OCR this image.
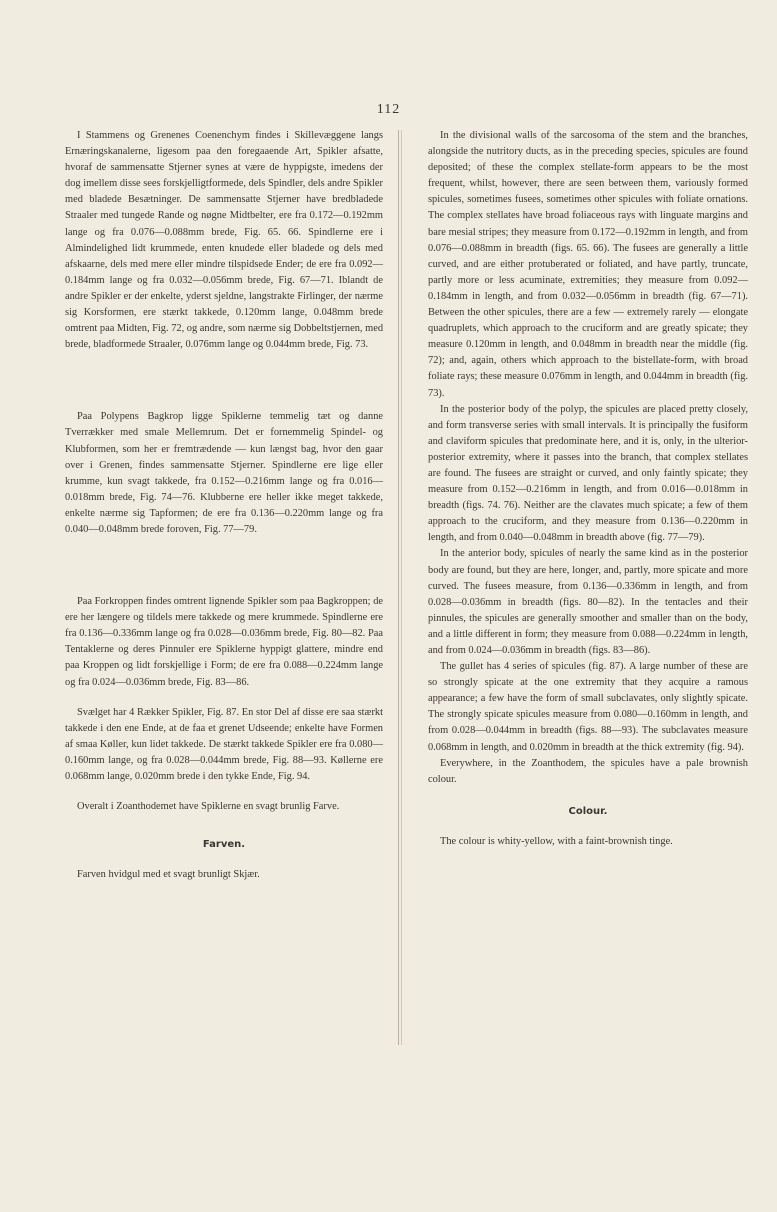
112

I Stammens og Grenenes Coenenchym findes i Skillevæggene langs Ernæringskanalerne, ligesom paa den foregaaende Art, Spikler afsatte, hvoraf de sammensatte Stjerner synes at være de hyppigste, imedens der dog imellem disse sees forskjelligtformede, dels Spindler, dels andre Spikler med bladede Besætninger. De sammensatte Stjerner have bredbladede Straaler med tungede Rande og nøgne Midtbelter, ere fra 0.172—0.192mm lange og fra 0.076—0.088mm brede, Fig. 65. 66. Spindlerne ere i Almindelighed lidt krummede, enten knudede eller bladede og dels med afskaarne, dels med mere eller mindre tilspidsede Ender; de ere fra 0.092—0.184mm lange og fra 0.032—0.056mm brede, Fig. 67—71. Iblandt de andre Spikler er der enkelte, yderst sjeldne, langstrakte Firlinger, der nærme sig Korsformen, ere stærkt takkede, 0.120mm lange, 0.048mm brede omtrent paa Midten, Fig. 72, og andre, som nærme sig Dobbeltstjernen, med brede, bladformede Straaler, 0.076mm lange og 0.044mm brede, Fig. 73.

Paa Polypens Bagkrop ligge Spiklerne temmelig tæt og danne Tverrækker med smale Mellemrum. Det er fornemmelig Spindel- og Klubformen, som her er fremtrædende — kun længst bag, hvor den gaar over i Grenen, findes sammensatte Stjerner. Spindlerne ere lige eller krumme, kun svagt takkede, fra 0.152—0.216mm lange og fra 0.016—0.018mm brede, Fig. 74—76. Klubberne ere heller ikke meget takkede, enkelte nærme sig Tapformen; de ere fra 0.136—0.220mm lange og fra 0.040—0.048mm brede foroven, Fig. 77—79.

Paa Forkroppen findes omtrent lignende Spikler som paa Bagkroppen; de ere her længere og tildels mere takkede og mere krummede. Spindlerne ere fra 0.136—0.336mm lange og fra 0.028—0.036mm brede, Fig. 80—82. Paa Tentaklerne og deres Pinnuler ere Spiklerne hyppigt glattere, mindre end paa Kroppen og lidt forskjellige i Form; de ere fra 0.088—0.224mm lange og fra 0.024—0.036mm brede, Fig. 83—86.

Svælget har 4 Rækker Spikler, Fig. 87. En stor Del af disse ere saa stærkt takkede i den ene Ende, at de faa et grenet Udseende; enkelte have Formen af smaa Køller, kun lidet takkede. De stærkt takkede Spikler ere fra 0.080—0.160mm lange, og fra 0.028—0.044mm brede, Fig. 88—93. Køllerne ere 0.068mm lange, 0.020mm brede i den tykke Ende, Fig. 94.

Overalt i Zoanthodemet have Spiklerne en svagt brunlig Farve.

Farven.

Farven hvidgul med et svagt brunligt Skjær.

In the divisional walls of the sarcosoma of the stem and the branches, alongside the nutritory ducts, as in the preceding species, spicules are found deposited; of these the complex stellate-form appears to be the most frequent, whilst, however, there are seen between them, variously formed spicules, sometimes fusees, sometimes other spicules with foliate ornations. The complex stellates have broad foliaceous rays with linguate margins and bare mesial stripes; they measure from 0.172—0.192mm in length, and from 0.076—0.088mm in breadth (figs. 65. 66). The fusees are generally a little curved, and are either protuberated or foliated, and have partly, truncate, partly more or less acuminate, extremities; they measure from 0.092—0.184mm in length, and from 0.032—0.056mm in breadth (fig. 67—71). Between the other spicules, there are a few — extremely rarely — elongate quadruplets, which approach to the cruciform and are greatly spicate; they measure 0.120mm in length, and 0.048mm in breadth near the middle (fig. 72); and, again, others which approach to the bistellate-form, with broad foliate rays; these measure 0.076mm in length, and 0.044mm in breadth (fig. 73).

In the posterior body of the polyp, the spicules are placed pretty closely, and form transverse series with small intervals. It is principally the fusiform and claviform spicules that predominate here, and it is, only, in the ulterior-posterior extremity, where it passes into the branch, that complex stellates are found. The fusees are straight or curved, and only faintly spicate; they measure from 0.152—0.216mm in length, and from 0.016—0.018mm in breadth (figs. 74. 76). Neither are the clavates much spicate; a few of them approach to the cruciform, and they measure from 0.136—0.220mm in length, and from 0.040—0.048mm in breadth above (fig. 77—79).

In the anterior body, spicules of nearly the same kind as in the posterior body are found, but they are here, longer, and, partly, more spicate and more curved. The fusees measure, from 0.136—0.336mm in length, and from 0.028—0.036mm in breadth (figs. 80—82). In the tentacles and their pinnules, the spicules are generally smoother and smaller than on the body, and a little different in form; they measure from 0.088—0.224mm in length, and from 0.024—0.036mm in breadth (figs. 83—86).

The gullet has 4 series of spicules (fig. 87). A large number of these are so strongly spicate at the one extremity that they acquire a ramous appearance; a few have the form of small subclavates, only slightly spicate. The strongly spicate spicules measure from 0.080—0.160mm in length, and from 0.028—0.044mm in breadth (figs. 88—93). The subclavates measure 0.068mm in length, and 0.020mm in breadth at the thick extremity (fig. 94).

Everywhere, in the Zoanthodem, the spicules have a pale brownish colour.

Colour.

The colour is whity-yellow, with a faint-brownish tinge.
